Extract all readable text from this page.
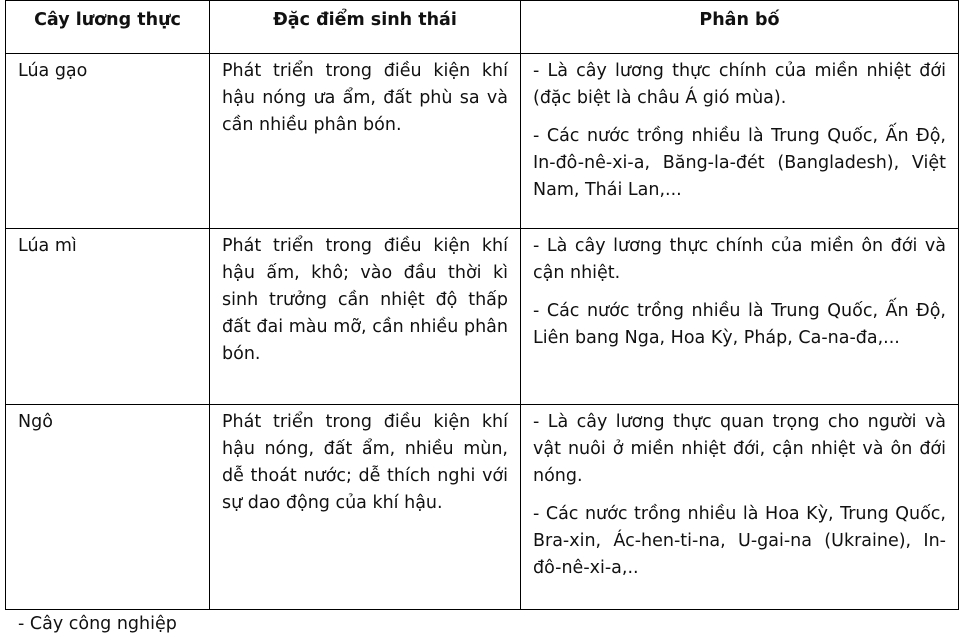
Cây lương thực	Đặc điểm sinh thái	Phân bố
Lúa gạo	Phát triển trong điều kiện khí hậu nóng ưa ẩm, đất phù sa và cần nhiều phân bón.	- Là cây lương thực chính của miền nhiệt đới (đặc biệt là châu Á gió mùa).

- Các nước trồng nhiều là Trung Quốc, Ấn Độ, In-đô-nê-xi-a, Băng-la-đét (Bangladesh), Việt Nam, Thái Lan,...

Lúa mì	Phát triển trong điều kiện khí hậu ấm, khô; vào đầu thời kì sinh trưởng cần nhiệt độ thấp đất đai màu mỡ, cần nhiều phân bón.	- Là cây lương thực chính của miền ôn đới và cận nhiệt.

- Các nước trồng nhiều là Trung Quốc, Ấn Độ, Liên bang Nga, Hoa Kỳ, Pháp, Ca-na-đa,...

Ngô	Phát triển trong điều kiện khí hậu nóng, đất ẩm, nhiều mùn, dễ thoát nước; dễ thích nghi với sự dao động của khí hậu.	- Là cây lương thực quan trọng cho người và vật nuôi ở miền nhiệt đới, cận nhiệt và ôn đới nóng.

- Các nước trồng nhiều là Hoa Kỳ, Trung Quốc, Bra-xin, Ác-hen-ti-na, U-gai-na (Ukraine), In-đô-nê-xi-a,..

- Cây công nghiệp
